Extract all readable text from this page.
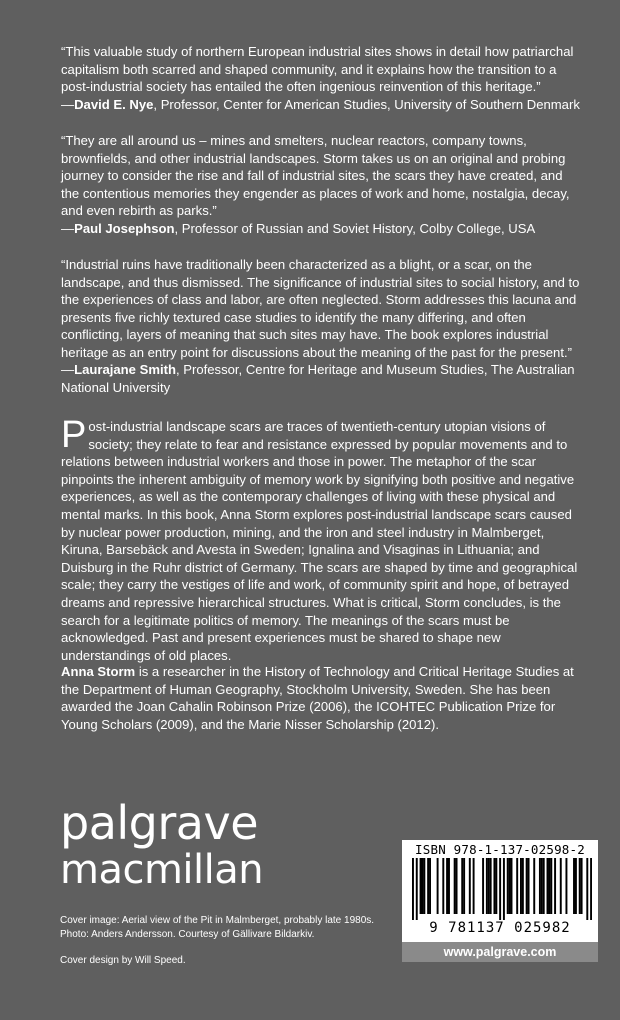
“This valuable study of northern European industrial sites shows in detail how patriarchal capitalism both scarred and shaped community, and it explains how the transition to a post-industrial society has entailed the often ingenious reinvention of this heritage.”
—David E. Nye, Professor, Center for American Studies, University of Southern Denmark

“They are all around us – mines and smelters, nuclear reactors, company towns, brownfields, and other industrial landscapes. Storm takes us on an original and probing journey to consider the rise and fall of industrial sites, the scars they have created, and the contentious memories they engender as places of work and home, nostalgia, decay, and even rebirth as parks.”
—Paul Josephson, Professor of Russian and Soviet History, Colby College, USA

“Industrial ruins have traditionally been characterized as a blight, or a scar, on the landscape, and thus dismissed. The significance of industrial sites to social history, and to the experiences of class and labor, are often neglected. Storm addresses this lacuna and presents five richly textured case studies to identify the many differing, and often conflicting, layers of meaning that such sites may have. The book explores industrial heritage as an entry point for discussions about the meaning of the past for the present.”
—Laurajane Smith, Professor, Centre for Heritage and Museum Studies, The Australian National University

Post-industrial landscape scars are traces of twentieth-century utopian visions of society; they relate to fear and resistance expressed by popular movements and to relations between industrial workers and those in power. The metaphor of the scar pinpoints the inherent ambiguity of memory work by signifying both positive and negative experiences, as well as the contemporary challenges of living with these physical and mental marks. In this book, Anna Storm explores post-industrial landscape scars caused by nuclear power production, mining, and the iron and steel industry in Malmberget, Kiruna, Barsebäck and Avesta in Sweden; Ignalina and Visaginas in Lithuania; and Duisburg in the Ruhr district of Germany. The scars are shaped by time and geographical scale; they carry the vestiges of life and work, of community spirit and hope, of betrayed dreams and repressive hierarchical structures. What is critical, Storm concludes, is the search for a legitimate politics of memory. The meanings of the scars must be acknowledged. Past and present experiences must be shared to shape new understandings of old places.

Anna Storm is a researcher in the History of Technology and Critical Heritage Studies at the Department of Human Geography, Stockholm University, Sweden. She has been awarded the Joan Cahalin Robinson Prize (2006), the ICOHTEC Publication Prize for Young Scholars (2009), and the Marie Nisser Scholarship (2012).

palgrave
macmillan
Cover image: Aerial view of the Pit in Malmberget, probably late 1980s. Photo: Anders Andersson. Courtesy of Gällivare Bildarkiv.
Cover design by Will Speed.
ISBN 978-1-137-02598-2
9 781137 025982
www.palgrave.com
